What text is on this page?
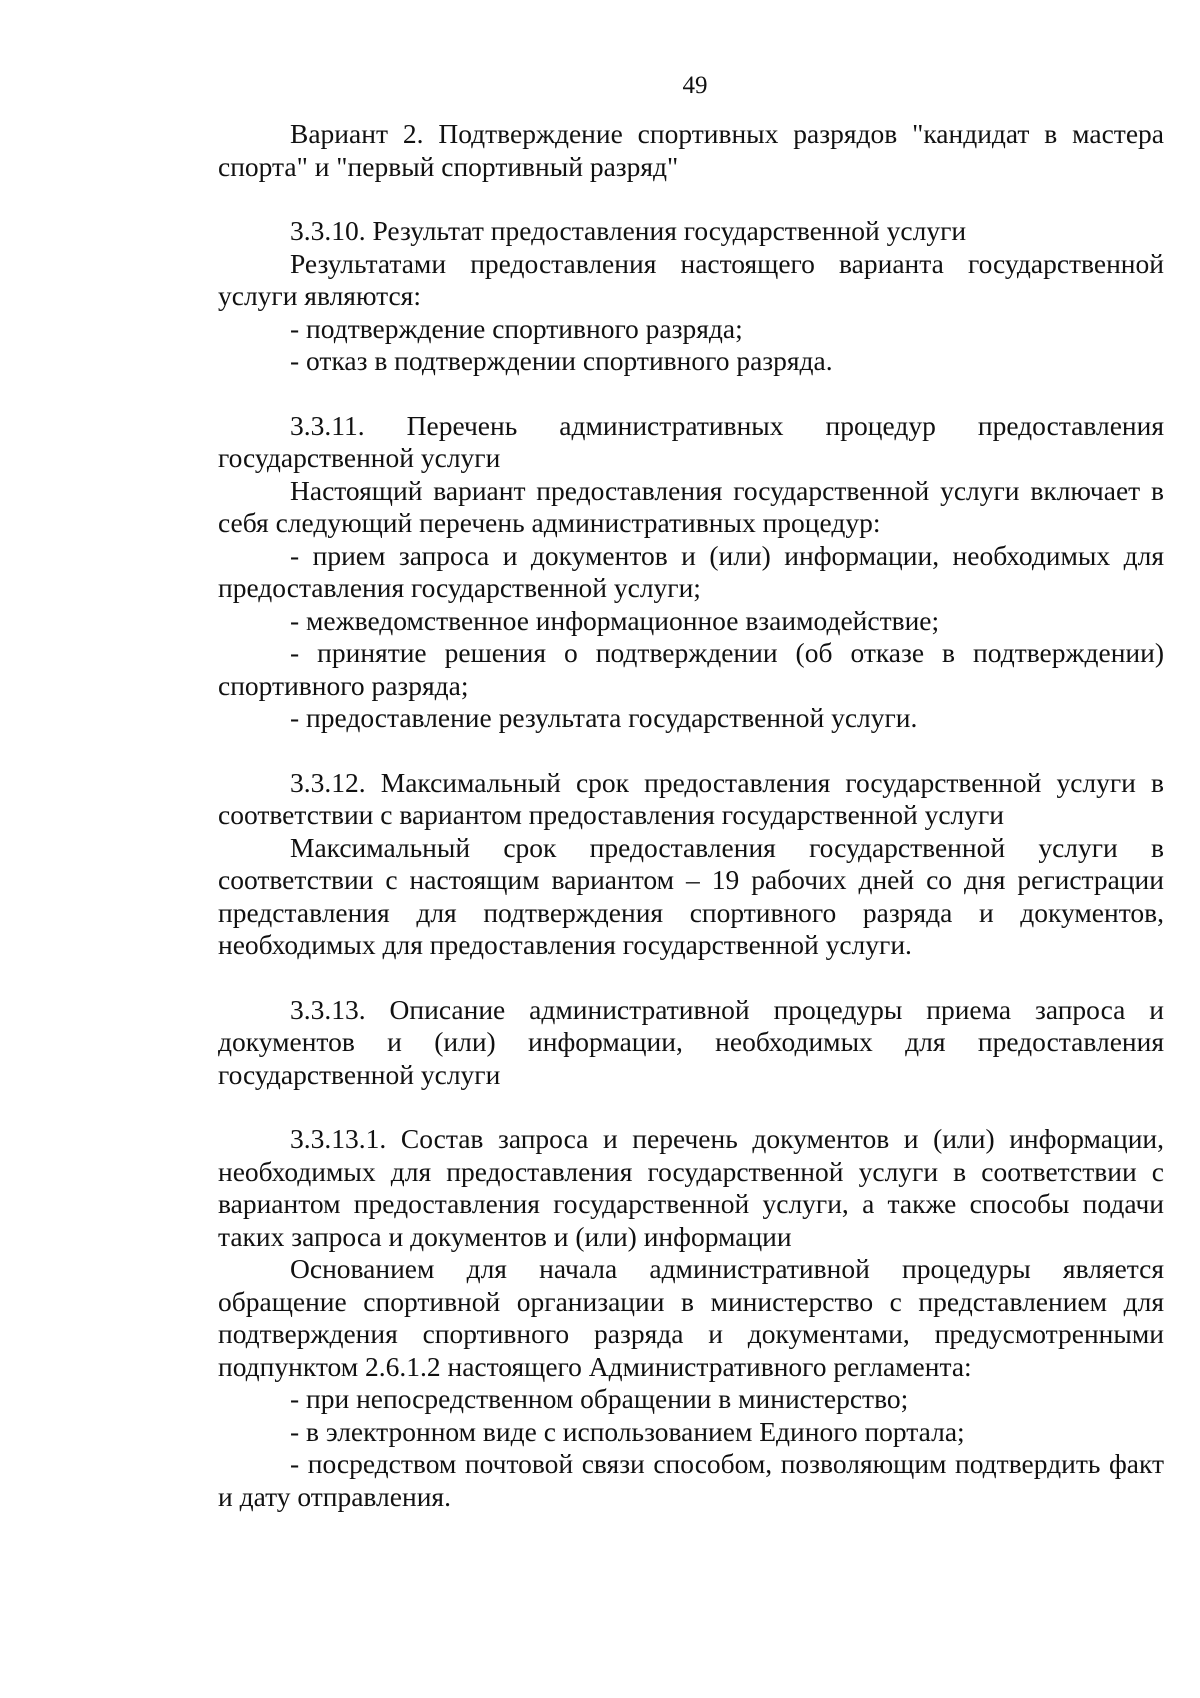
49

Вариант 2. Подтверждение спортивных разрядов "кандидат в мастера спорта" и "первый спортивный разряд"

3.3.10. Результат предоставления государственной услуги

Результатами предоставления настоящего варианта государственной услуги являются:

- подтверждение спортивного разряда;

- отказ в подтверждении спортивного разряда.

3.3.11. Перечень административных процедур предоставления государственной услуги

Настоящий вариант предоставления государственной услуги включает в себя следующий перечень административных процедур:

- прием запроса и документов и (или) информации, необходимых для предоставления государственной услуги;

- межведомственное информационное взаимодействие;

- принятие решения о подтверждении (об отказе в подтверждении) спортивного разряда;

- предоставление результата государственной услуги.

3.3.12. Максимальный срок предоставления государственной услуги в соответствии с вариантом предоставления государственной услуги

Максимальный срок предоставления государственной услуги в соответствии с настоящим вариантом – 19 рабочих дней со дня регистрации представления для подтверждения спортивного разряда и документов, необходимых для предоставления государственной услуги.

3.3.13. Описание административной процедуры приема запроса и документов и (или) информации, необходимых для предоставления государственной услуги

3.3.13.1. Состав запроса и перечень документов и (или) информации, необходимых для предоставления государственной услуги в соответствии с вариантом предоставления государственной услуги, а также способы подачи таких запроса и документов и (или) информации

Основанием для начала административной процедуры является обращение спортивной организации в министерство с представлением для подтверждения спортивного разряда и документами, предусмотренными подпунктом 2.6.1.2 настоящего Административного регламента:

- при непосредственном обращении в министерство;

- в электронном виде с использованием Единого портала;

- посредством почтовой связи способом, позволяющим подтвердить факт и дату отправления.
